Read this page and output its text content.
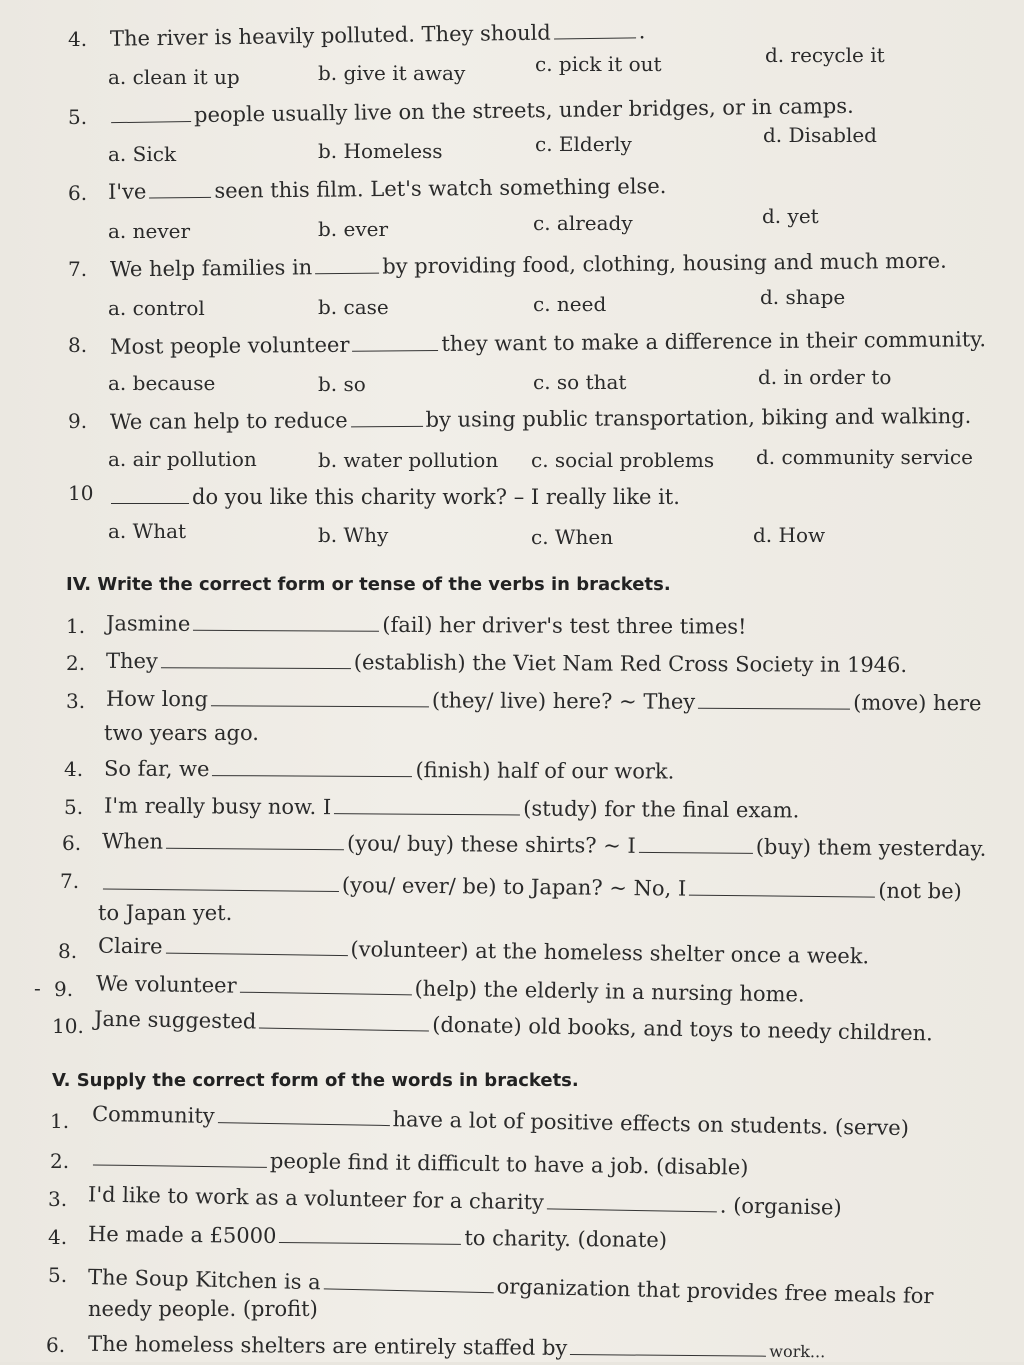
4. The river is heavily polluted. They should	.
a. clean it up	b. give it away	c. pick it out	d. recycle it
5.	people usually live on the streets, under bridges, or in camps.
a. Sick	b. Homeless	c. Elderly	d. Disabled
6. I've	seen this film. Let's watch something else.
a. never	b. ever	c. already	d. yet
7. We help families in	by providing food, clothing, housing and much more.
a. control	b. case	c. need	d. shape
8. Most people volunteer	they want to make a difference in their community.
a. because	b. so	c. so that	d. in order to
9. We can help to reduce	by using public transportation, biking and walking.
a. air pollution	b. water pollution c. social problems d. community service
10	do you like this charity work? – I really like it.
a. What	b. Why	c. When	d. How
IV. Write the correct form or tense of the verbs in brackets.
1. Jasmine	(fail) her driver's test three times!
2. They	(establish) the Viet Nam Red Cross Society in 1946.
3. How long	(they/ live) here? ~ They	(move) here
two years ago.
4. So far, we	(finish) half of our work.
5. I'm really busy now. I	(study) for the final exam.
6. When	(you/ buy) these shirts? ~ I	(buy) them yesterday.
7.	(you/ ever/ be) to Japan? ~ No, I	(not be)
to Japan yet.
8. Claire	(volunteer) at the homeless shelter once a week.
- 9. We volunteer	(help) the elderly in a nursing home.
10. Jane suggested	(donate) old books, and toys to needy children.
V. Supply the correct form of the words in brackets.
1. Community	have a lot of positive effects on students. (serve)
2.	people find it difficult to have a job. (disable)
3. I'd like to work as a volunteer for a charity	. (organise)
4. He made a £5000	to charity. (donate)
5. The Soup Kitchen is a	organization that provides free meals for
needy people. (profit)
6. The homeless shelters are entirely staffed by	work...
